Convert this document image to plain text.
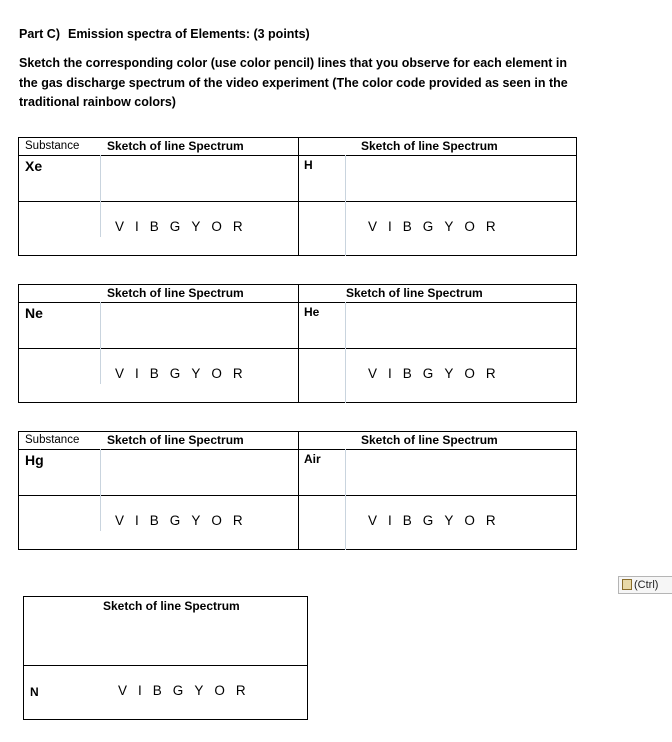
Part C) Emission spectra of Elements: (3 points)
Sketch the corresponding color (use color pencil) lines that you observe for each element in the gas discharge spectrum of the video experiment (The color code provided as seen in the traditional rainbow colors)
Substance Sketch of line Spectrum	Sketch of line Spectrum
Xe	H
V I B G Y O R	V I B G Y O R
Sketch of line Spectrum	Sketch of line Spectrum
Ne	He
V I B G Y O R	V I B G Y O R
Substance Sketch of line Spectrum	Sketch of line Spectrum
Hg	Air
V I B G Y O R	V I B G Y O R
Sketch of line Spectrum
N	V I B G Y O R
(Ctrl)
